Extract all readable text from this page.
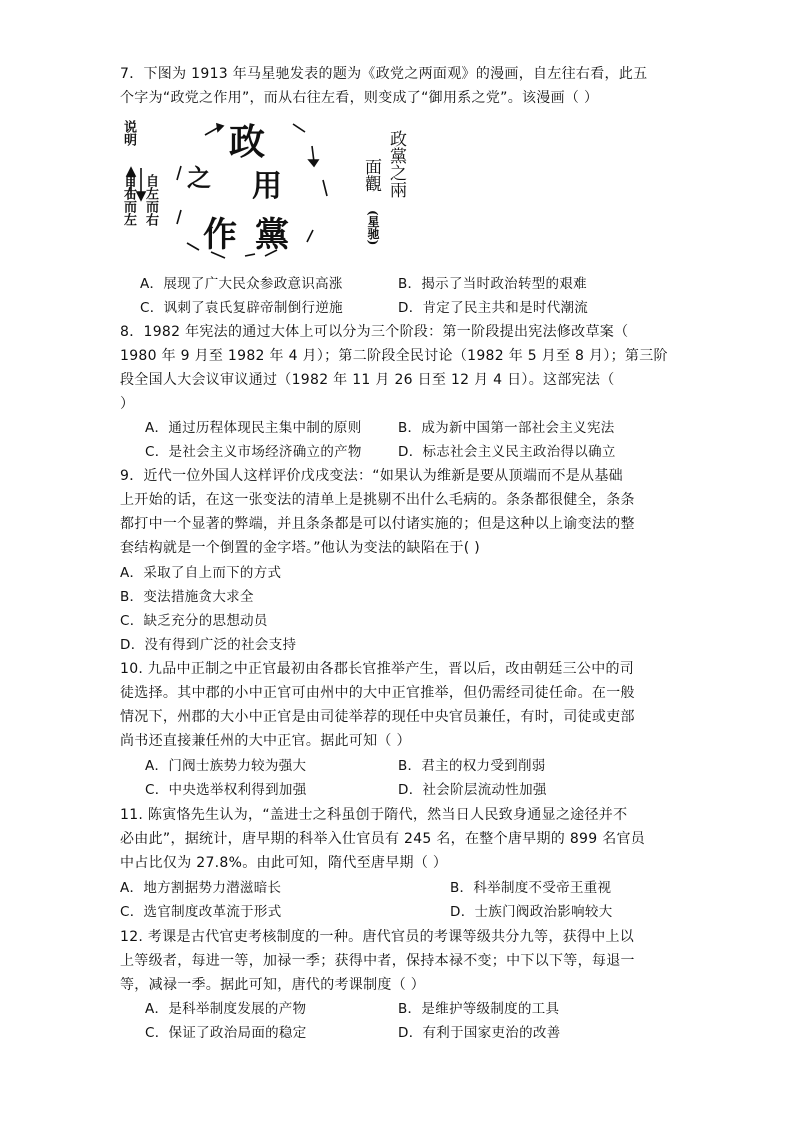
7．下图为 1913 年马星驰发表的题为《政党之两面观》的漫画，自左往右看，此五
个字为“政党之作用”，而从右往左看，则变成了“御用系之党”。该漫画（ ）
政
用
之
黨
作
说明
自右而左 自左而右
政黨之兩
面觀
(星驰)
A．展现了广大民众参政意识高涨	B．揭示了当时政治转型的艰难
C．讽刺了袁氏复辟帝制倒行逆施	D．肯定了民主共和是时代潮流
8．1982 年宪法的通过大体上可以分为三个阶段：第一阶段提出宪法修改草案（
1980 年 9 月至 1982 年 4 月）；第二阶段全民讨论（1982 年 5 月至 8 月）；第三阶
段全国人大会议审议通过（1982 年 11 月 26 日至 12 月 4 日）。这部宪法（
）
A．通过历程体现民主集中制的原则	B．成为新中国第一部社会主义宪法
C．是社会主义市场经济确立的产物	D．标志社会主义民主政治得以确立
9．近代一位外国人这样评价戊戌变法：“如果认为维新是要从顶端而不是从基础
上开始的话，在这一张变法的清单上是挑剔不出什么毛病的。条条都很健全，条条
都打中一个显著的弊端，并且条条都是可以付诸实施的；但是这种以上谕变法的整
套结构就是一个倒置的金字塔。”他认为变法的缺陷在于( )
A．采取了自上而下的方式
B．变法措施贪大求全
C．缺乏充分的思想动员
D．没有得到广泛的社会支持
10. 九品中正制之中正官最初由各郡长官推举产生，晋以后，改由朝廷三公中的司
徒选择。其中郡的小中正官可由州中的大中正官推举，但仍需经司徒任命。在一般
情况下，州郡的大小中正官是由司徒举荐的现任中央官员兼任，有时，司徒或吏部
尚书还直接兼任州的大中正官。据此可知（ ）
A．门阀士族势力较为强大	B．君主的权力受到削弱
C．中央选举权利得到加强	D．社会阶层流动性加强
11. 陈寅恪先生认为，“盖进士之科虽创于隋代，然当日人民致身通显之途径并不
必由此”，据统计，唐早期的科举入仕官员有 245 名，在整个唐早期的 899 名官员
中占比仅为 27.8%。由此可知，隋代至唐早期（ ）
A．地方割据势力潜滋暗长	B．科举制度不受帝王重视
C．选官制度改革流于形式	D．士族门阀政治影响较大
12. 考课是古代官吏考核制度的一种。唐代官员的考课等级共分九等，获得中上以
上等级者，每进一等，加禄一季；获得中者，保持本禄不变；中下以下等，每退一
等，减禄一季。据此可知，唐代的考课制度（ ）
A．是科举制度发展的产物	B．是维护等级制度的工具
C．保证了政治局面的稳定	D．有利于国家吏治的改善
